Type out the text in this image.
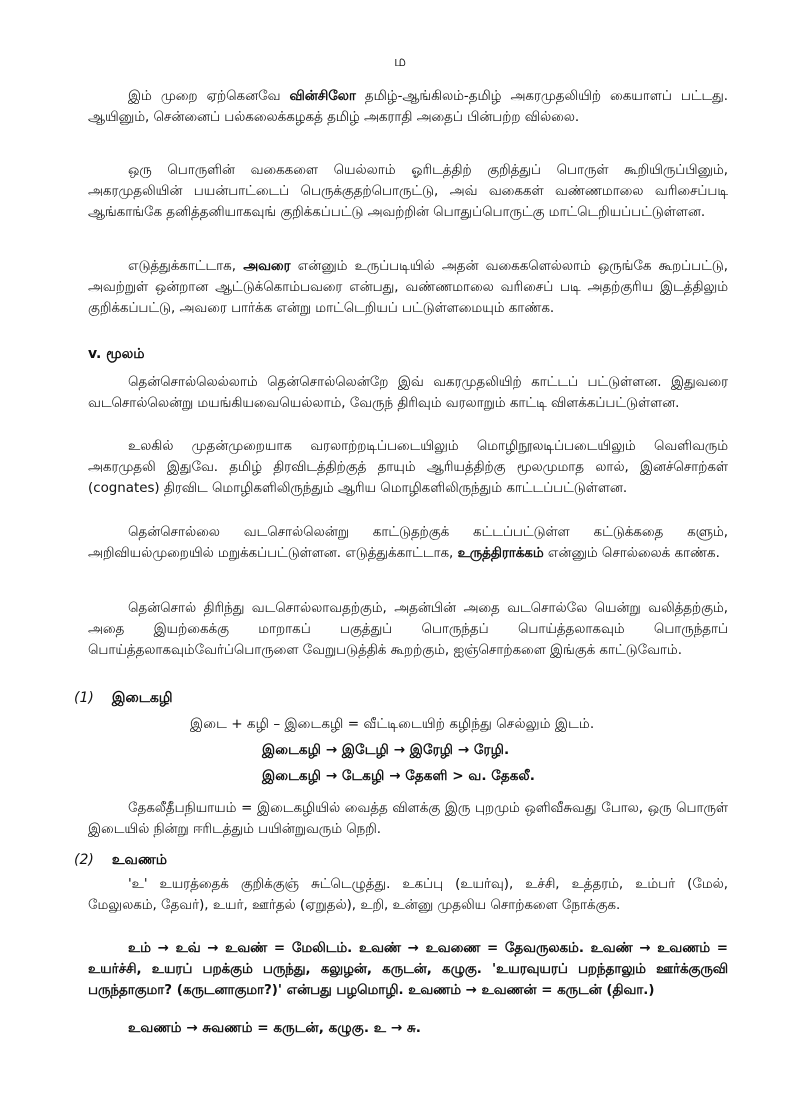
ம

இம் முறை ஏற்கெனவே வின்சிலோ தமிழ்-ஆங்கிலம்-தமிழ் அகரமுதலியிற் கையாளப் பட்டது. ஆயினும், சென்னைப் பல்கலைக்கழகத் தமிழ் அகராதி அதைப் பின்பற்ற வில்லை.

ஒரு பொருளின் வகைகளை யெல்லாம் ஓரிடத்திற் குறித்துப் பொருள் கூறியிருப்பினும், அகரமுதலியின் பயன்பாட்டைப் பெருக்குதற்பொருட்டு, அவ் வகைகள் வண்ணமாலை வரிசைப்படி ஆங்காங்கே தனித்தனியாகவுங் குறிக்கப்பட்டு அவற்றின் பொதுப்பொருட்கு மாட்டெறியப்பட்டுள்ளன.

எடுத்துக்காட்டாக, அவரை என்னும் உருப்படியில் அதன் வகைகளெல்லாம் ஒருங்கே கூறப்பட்டு, அவற்றுள் ஒன்றான ஆட்டுக்கொம்பவரை என்பது, வண்ணமாலை வரிசைப் படி அதற்குரிய இடத்திலும் குறிக்கப்பட்டு, அவரை பார்க்க என்று மாட்டெறியப் பட்டுள்ளமையும் காண்க.

v. மூலம்

தென்சொல்லெல்லாம் தென்சொல்லென்றே இவ் வகரமுதலியிற் காட்டப் பட்டுள்ளன. இதுவரை வடசொல்லென்று மயங்கியவையெல்லாம், வேருந் திரிவும் வரலாறும் காட்டி விளக்கப்பட்டுள்ளன.

உலகில் முதன்முறையாக வரலாற்றடிப்படையிலும் மொழிநூலடிப்படையிலும் வெளிவரும் அகரமுதலி இதுவே. தமிழ் திரவிடத்திற்குத் தாயும் ஆரியத்திற்கு மூலமுமாத லால், இனச்சொற்கள் (cognates) திரவிட மொழிகளிலிருந்தும் ஆரிய மொழிகளிலிருந்தும் காட்டப்பட்டுள்ளன.

தென்சொல்லை வடசொல்லென்று காட்டுதற்குக் கட்டப்பட்டுள்ள கட்டுக்கதை களும், அறிவியல்முறையில் மறுக்கப்பட்டுள்ளன. எடுத்துக்காட்டாக, உருத்திராக்கம் என்னும் சொல்லைக் காண்க.

தென்சொல் திரிந்து வடசொல்லாவதற்கும், அதன்பின் அதை வடசொல்லே யென்று வலித்தற்கும், அதை இயற்கைக்கு மாறாகப் பகுத்துப் பொருந்தப் பொய்த்தலாகவும் பொருந்தாப் பொய்த்தலாகவும்வேர்ப்பொருளை வேறுபடுத்திக் கூறற்கும், ஐஞ்சொற்களை இங்குக் காட்டுவோம்.

(1) இடைகழி
இடை + கழி – இடைகழி = வீட்டிடையிற் கழிந்து செல்லும் இடம்.
இடைகழி → இடேழி → இரேழி → ரேழி.
இடைகழி → டேகழி → தேகளி > வ. தேகலீ.

தேகலீதீபநியாயம் = இடைகழியில் வைத்த விளக்கு இரு புறமும் ஒளிவீசுவது போல, ஒரு பொருள் இடையில் நின்று ஈரிடத்தும் பயின்றுவரும் நெறி.

(2) உவணம்

'உ' உயரத்தைக் குறிக்குஞ் சுட்டெழுத்து. உகப்பு (உயர்வு), உச்சி, உத்தரம், உம்பர் (மேல், மேலுலகம், தேவர்), உயர், ஊர்தல் (ஏறுதல்), உறி, உன்னு முதலிய சொற்களை நோக்குக.

உம் → உவ் → உவண் = மேலிடம். உவண் → உவணை = தேவருலகம். உவண் → உவணம் = உயர்ச்சி, உயரப் பறக்கும் பருந்து, கலுழன், கருடன், கழுகு. 'உயரவுயரப் பறந்தாலும் ஊர்க்குருவி பருந்தாகுமா? (கருடனாகுமா?)' என்பது பழமொழி. உவணம் → உவணன் = கருடன் (திவா.)

உவணம் → சுவணம் = கருடன், கழுகு. உ → சு.
